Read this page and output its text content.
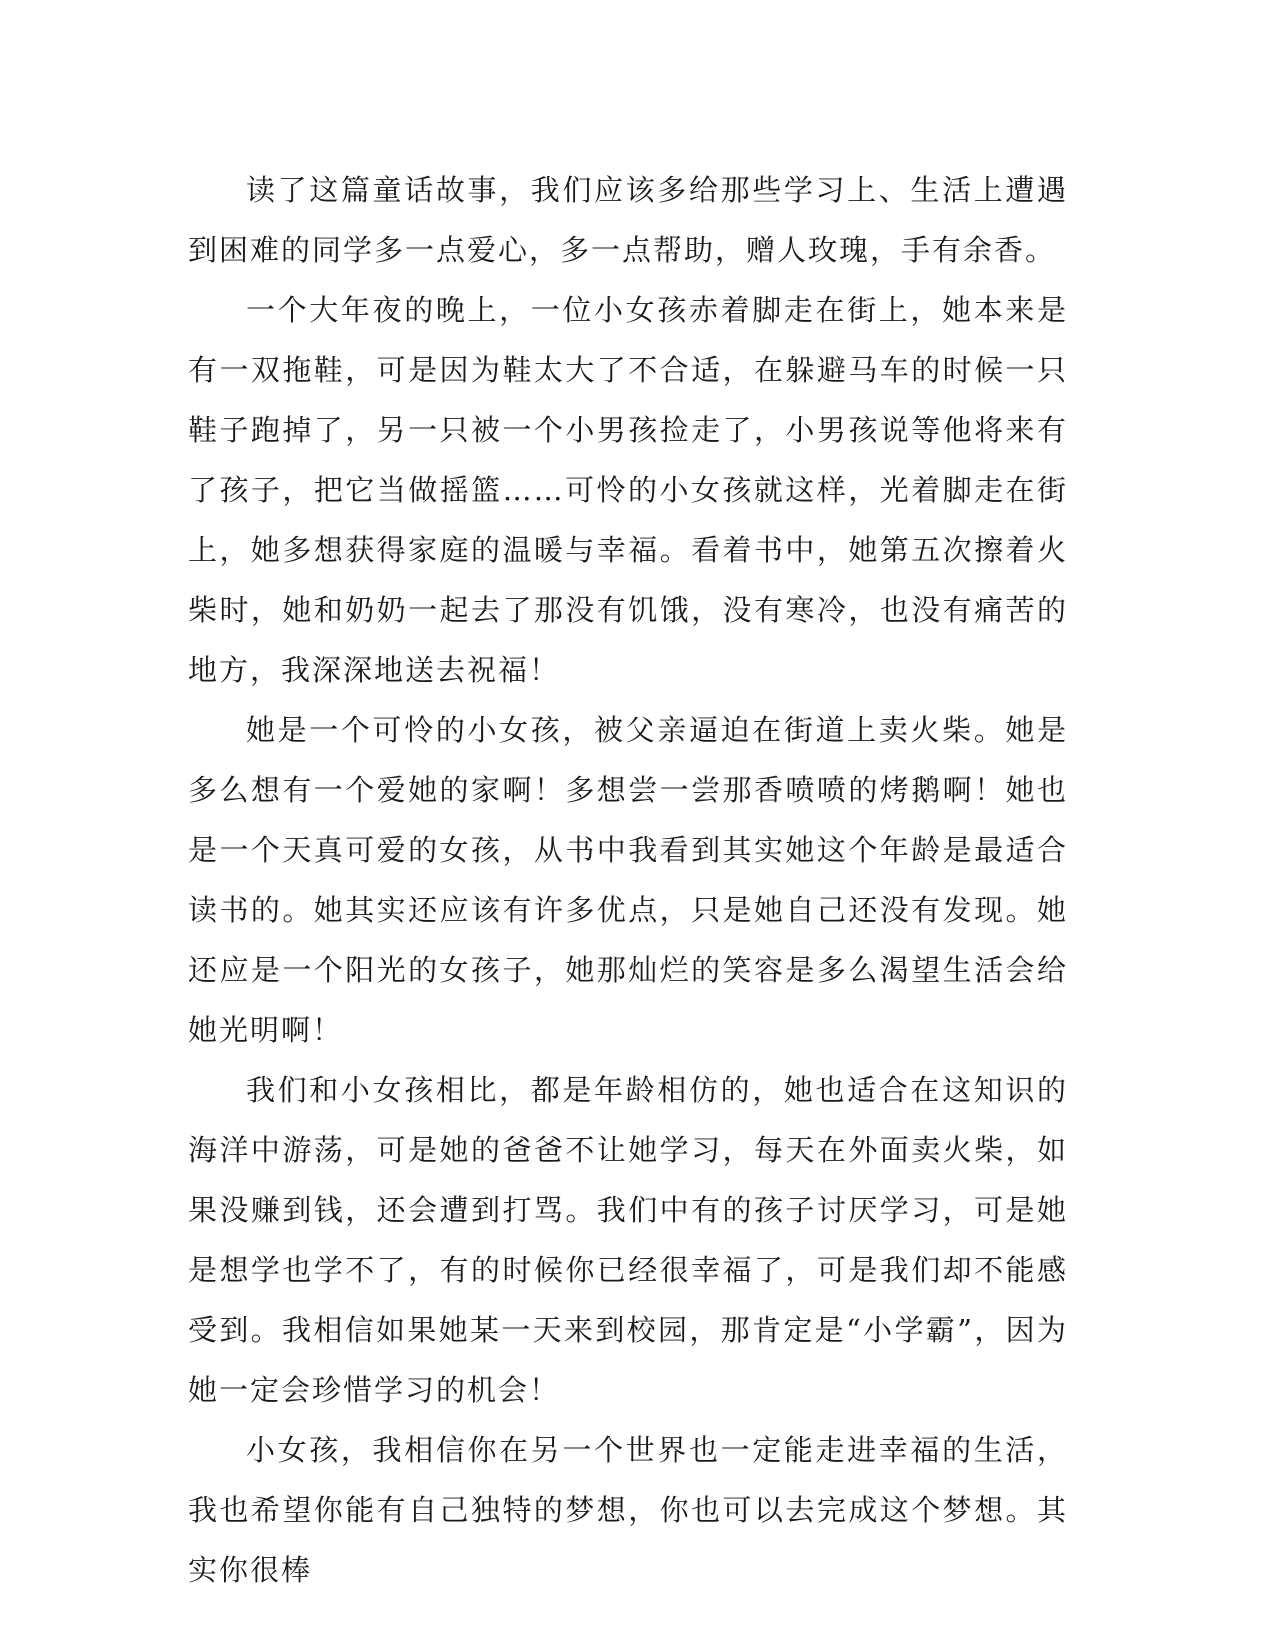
读了这篇童话故事，我们应该多给那些学习上、生活上遭遇到困难的同学多一点爱心，多一点帮助，赠人玫瑰，手有余香。

一个大年夜的晚上，一位小女孩赤着脚走在街上，她本来是有一双拖鞋，可是因为鞋太大了不合适，在躲避马车的时候一只鞋子跑掉了，另一只被一个小男孩捡走了，小男孩说等他将来有了孩子，把它当做摇篮……可怜的小女孩就这样，光着脚走在街上，她多想获得家庭的温暖与幸福。看着书中，她第五次擦着火柴时，她和奶奶一起去了那没有饥饿，没有寒冷，也没有痛苦的地方，我深深地送去祝福！

她是一个可怜的小女孩，被父亲逼迫在街道上卖火柴。她是多么想有一个爱她的家啊！多想尝一尝那香喷喷的烤鹅啊！她也是一个天真可爱的女孩，从书中我看到其实她这个年龄是最适合读书的。她其实还应该有许多优点，只是她自己还没有发现。她还应是一个阳光的女孩子，她那灿烂的笑容是多么渴望生活会给她光明啊！

我们和小女孩相比，都是年龄相仿的，她也适合在这知识的海洋中游荡，可是她的爸爸不让她学习，每天在外面卖火柴，如果没赚到钱，还会遭到打骂。我们中有的孩子讨厌学习，可是她是想学也学不了，有的时候你已经很幸福了，可是我们却不能感受到。我相信如果她某一天来到校园，那肯定是“小学霸”，因为她一定会珍惜学习的机会！

小女孩，我相信你在另一个世界也一定能走进幸福的生活，我也希望你能有自己独特的梦想，你也可以去完成这个梦想。其实你很棒
